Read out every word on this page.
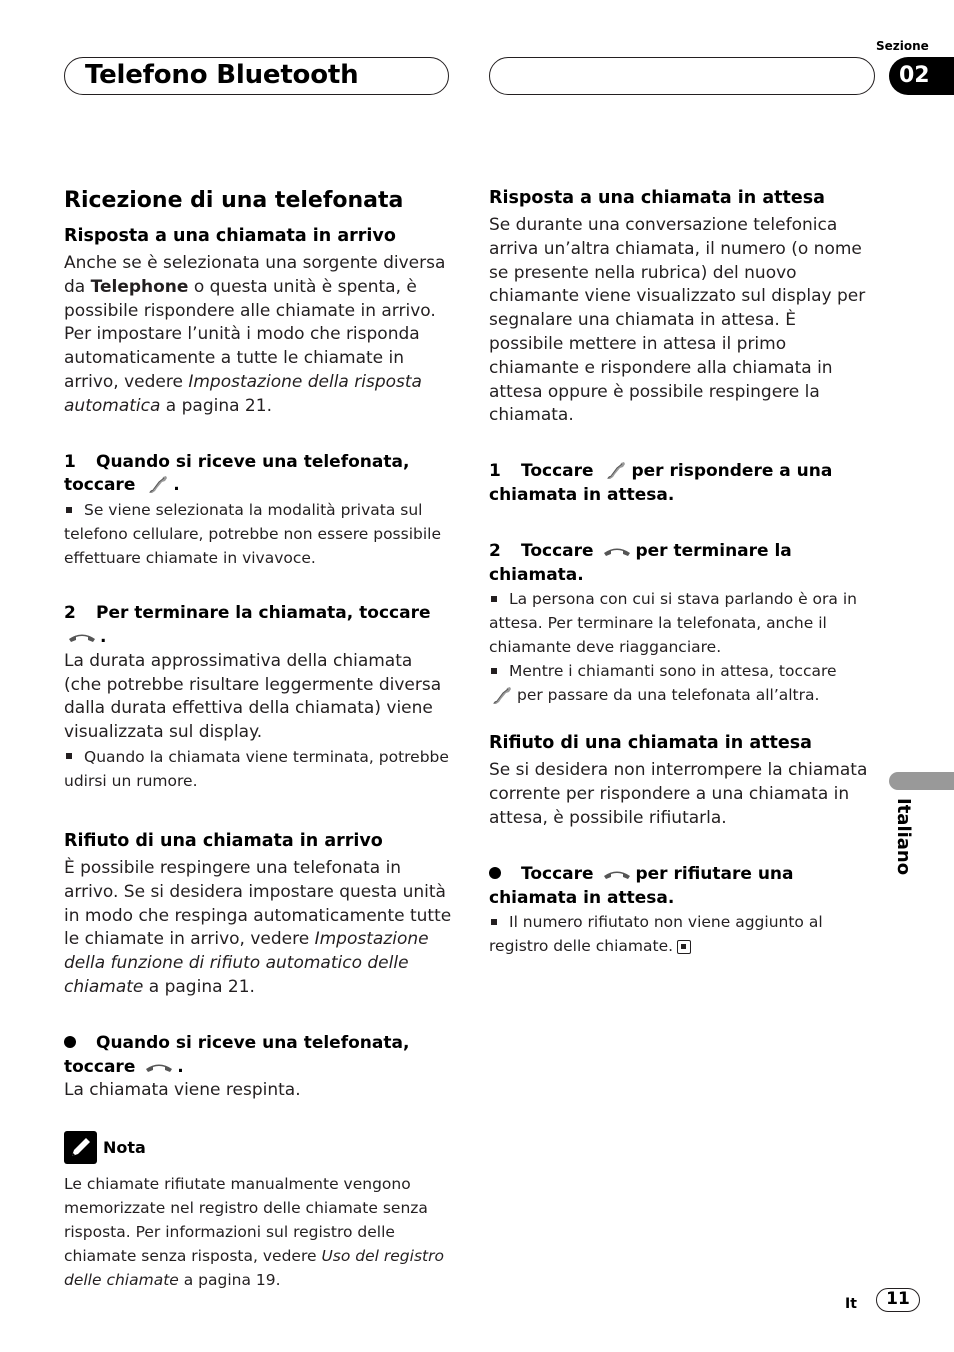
Telefono Bluetooth
Sezione
02
Italiano
Ricezione di una telefonata
Risposta a una chiamata in arrivo

Anche se è selezionata una sorgente diversa da Telephone o questa unità è spenta, è possibile rispondere alle chiamate in arrivo. Per impostare l’unità i modo che risponda automaticamente a tutte le chiamate in arrivo, vedere Impostazione della risposta automatica a pagina 21.

1 Quando si riceve una telefonata, toccare .

Se viene selezionata la modalità privata sul telefono cellulare, potrebbe non essere possibile effettuare chiamate in vivavoce.

2 Per terminare la chiamata, toccare .

La durata approssimativa della chiamata (che potrebbe risultare leggermente diversa dalla durata effettiva della chiamata) viene visualizzata sul display.

Quando la chiamata viene terminata, potrebbe udirsi un rumore.

Rifiuto di una chiamata in arrivo

È possibile respingere una telefonata in arrivo. Se si desidera impostare questa unità in modo che respinga automaticamente tutte le chiamate in arrivo, vedere Impostazione della funzione di rifiuto automatico delle chiamate a pagina 21.

Quando si riceve una telefonata, toccare .

La chiamata viene respinta.

Nota

Le chiamate rifiutate manualmente vengono memorizzate nel registro delle chiamate senza risposta. Per informazioni sul registro delle chiamate senza risposta, vedere Uso del registro delle chiamate a pagina 19.

Risposta a una chiamata in attesa

Se durante una conversazione telefonica arriva un’altra chiamata, il numero (o nome se presente nella rubrica) del nuovo chiamante viene visualizzato sul display per segnalare una chiamata in attesa. È possibile mettere in attesa il primo chiamante e rispondere alla chiamata in attesa oppure è possibile respingere la chiamata.

1 Toccare per rispondere a una chiamata in attesa.

2 Toccare per terminare la chiamata.

La persona con cui si stava parlando è ora in attesa. Per terminare la telefonata, anche il chiamante deve riagganciare.

Mentre i chiamanti sono in attesa, toccare
per passare da una telefonata all’altra.

Rifiuto di una chiamata in attesa

Se si desidera non interrompere la chiamata corrente per rispondere a una chiamata in attesa, è possibile rifiutarla.

Toccare per rifiutare una chiamata in attesa.

Il numero rifiutato non viene aggiunto al registro delle chiamate.

It	11
